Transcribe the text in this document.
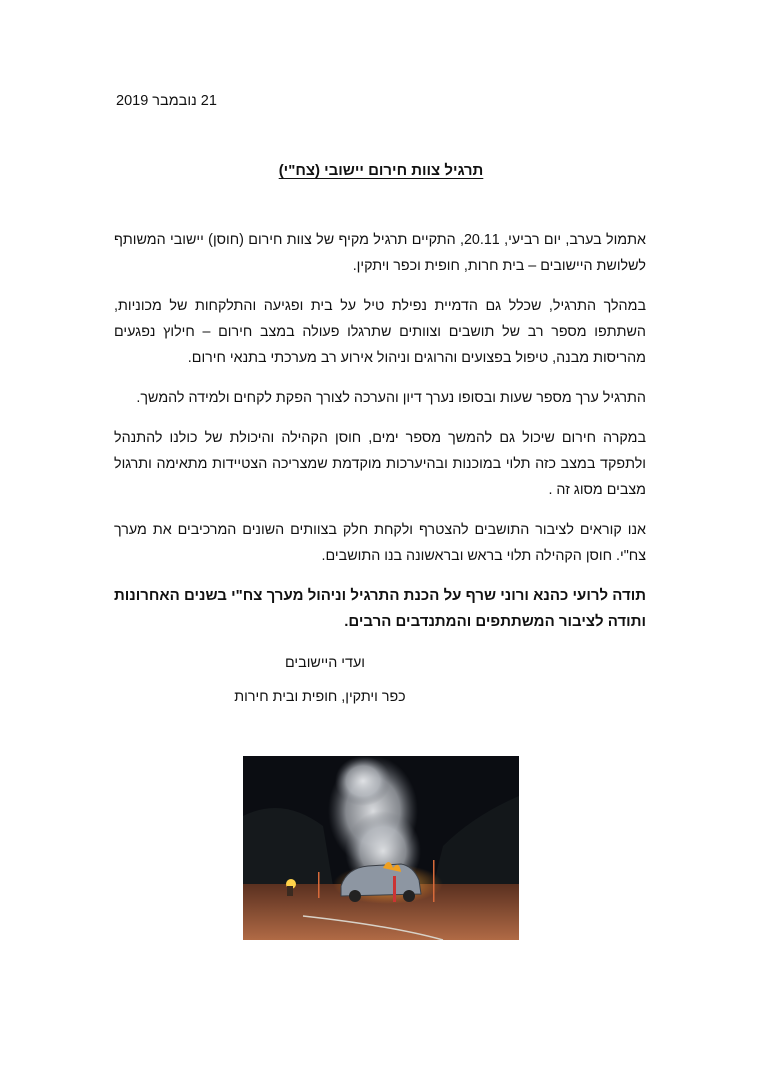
21 נובמבר 2019
תרגיל צוות חירום יישובי (צח"י)

אתמול בערב, יום רביעי, 20.11, התקיים תרגיל מקיף של צוות חירום (חוסן) יישובי המשותף לשלושת היישובים – בית חרות, חופית וכפר ויתקין.

במהלך התרגיל, שכלל גם הדמיית נפילת טיל על בית ופגיעה והתלקחות של מכוניות, השתתפו מספר רב של תושבים וצוותים שתרגלו פעולה במצב חירום – חילוץ נפגעים מהריסות מבנה, טיפול בפצועים והרוגים וניהול אירוע רב מערכתי בתנאי חירום.

התרגיל ערך מספר שעות ובסופו נערך דיון והערכה לצורך הפקת לקחים ולמידה להמשך.

במקרה חירום שיכול גם להמשך מספר ימים, חוסן הקהילה והיכולת של כולנו להתנהל ולתפקד במצב כזה תלוי במוכנות ובהיערכות מוקדמת שמצריכה הצטיידות מתאימה ותרגול מצבים מסוג זה .

אנו קוראים לציבור התושבים להצטרף ולקחת חלק בצוותים השונים המרכיבים את מערך צח"י. חוסן הקהילה תלוי בראש ובראשונה בנו התושבים.

תודה לרועי כהנא ורוני שרף על הכנת התרגיל וניהול מערך צח"י בשנים האחרונות ותודה לציבור המשתתפים והמתנדבים הרבים.

ועדי היישובים
כפר ויתקין, חופית ובית חירות
